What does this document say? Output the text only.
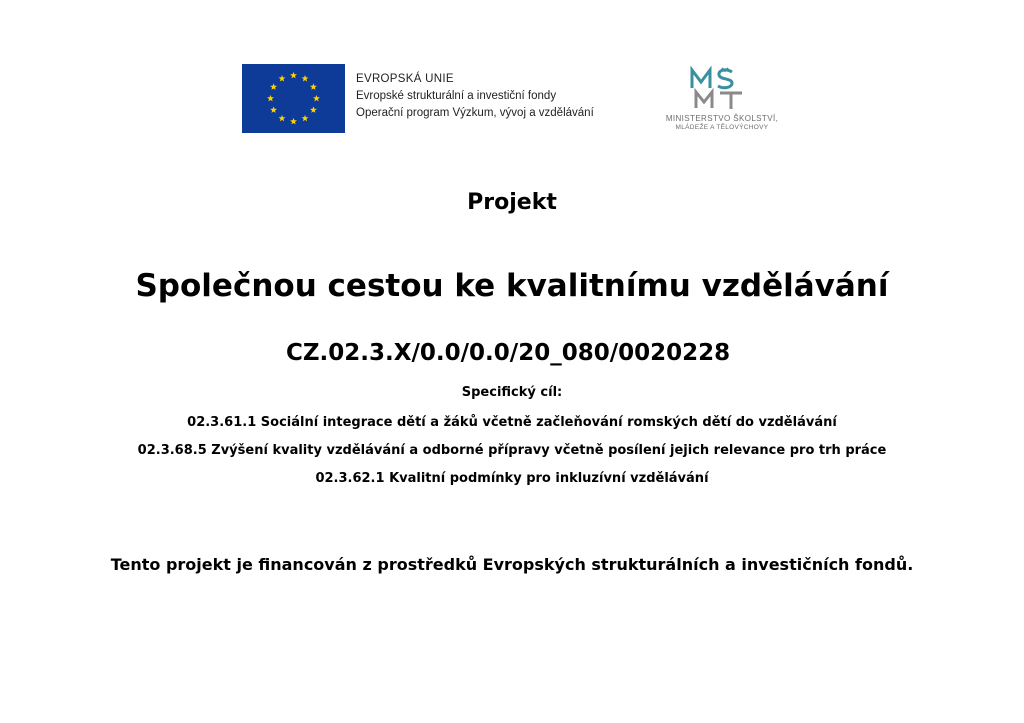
EVROPSKÁ UNIE
Evropské strukturální a investiční fondy
Operační program Výzkum, vývoj a vzdělávání	MINISTERSTVO ŠKOLSTVÍ,
MLÁDEŽE A TĚLOVÝCHOVY
Projekt
Společnou cestou ke kvalitnímu vzdělávání
CZ.02.3.X/0.0/0.0/20_080/0020228
Specifický cíl:
02.3.61.1 Sociální integrace dětí a žáků včetně začleňování romských dětí do vzdělávání
02.3.68.5 Zvýšení kvality vzdělávání a odborné přípravy včetně posílení jejich relevance pro trh práce
02.3.62.1 Kvalitní podmínky pro inkluzívní vzdělávání
Tento projekt je financován z prostředků Evropských strukturálních a investičních fondů.
